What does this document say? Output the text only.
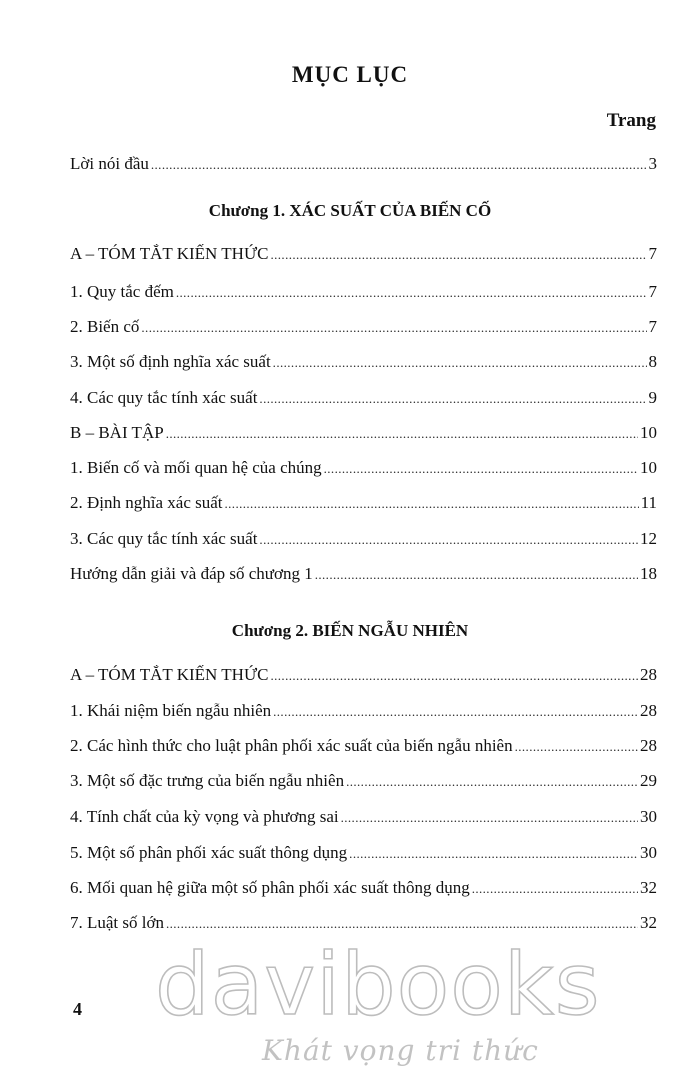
MỤC LỤC
Trang
Lời nói đầu .....	3
Chương 1. XÁC SUẤT CỦA BIẾN CỐ
A – TÓM TẮT KIẾN THỨC .....	7
1. Quy tắc đếm .....	7
2. Biến cố .....	7
3. Một số định nghĩa xác suất .....	8
4. Các quy tắc tính xác suất .....	9
B – BÀI TẬP .....	10
1. Biến cố và mối quan hệ của chúng .....	10
2. Định nghĩa xác suất .....	11
3. Các quy tắc tính xác suất .....	12
Hướng dẫn giải và đáp số chương 1 .....	18
Chương 2. BIẾN NGẪU NHIÊN
A – TÓM TẮT KIẾN THỨC .....	28
1. Khái niệm biến ngẫu nhiên .....	28
2. Các hình thức cho luật phân phối xác suất của biến ngẫu nhiên .....	28
3. Một số đặc trưng của biến ngẫu nhiên .....	29
4. Tính chất của kỳ vọng và phương sai .....	30
5. Một số phân phối xác suất thông dụng .....	30
6. Mối quan hệ giữa một số phân phối xác suất thông dụng .....	32
7. Luật số lớn .....	32
4 davibooks
Khát vọng tri thức
